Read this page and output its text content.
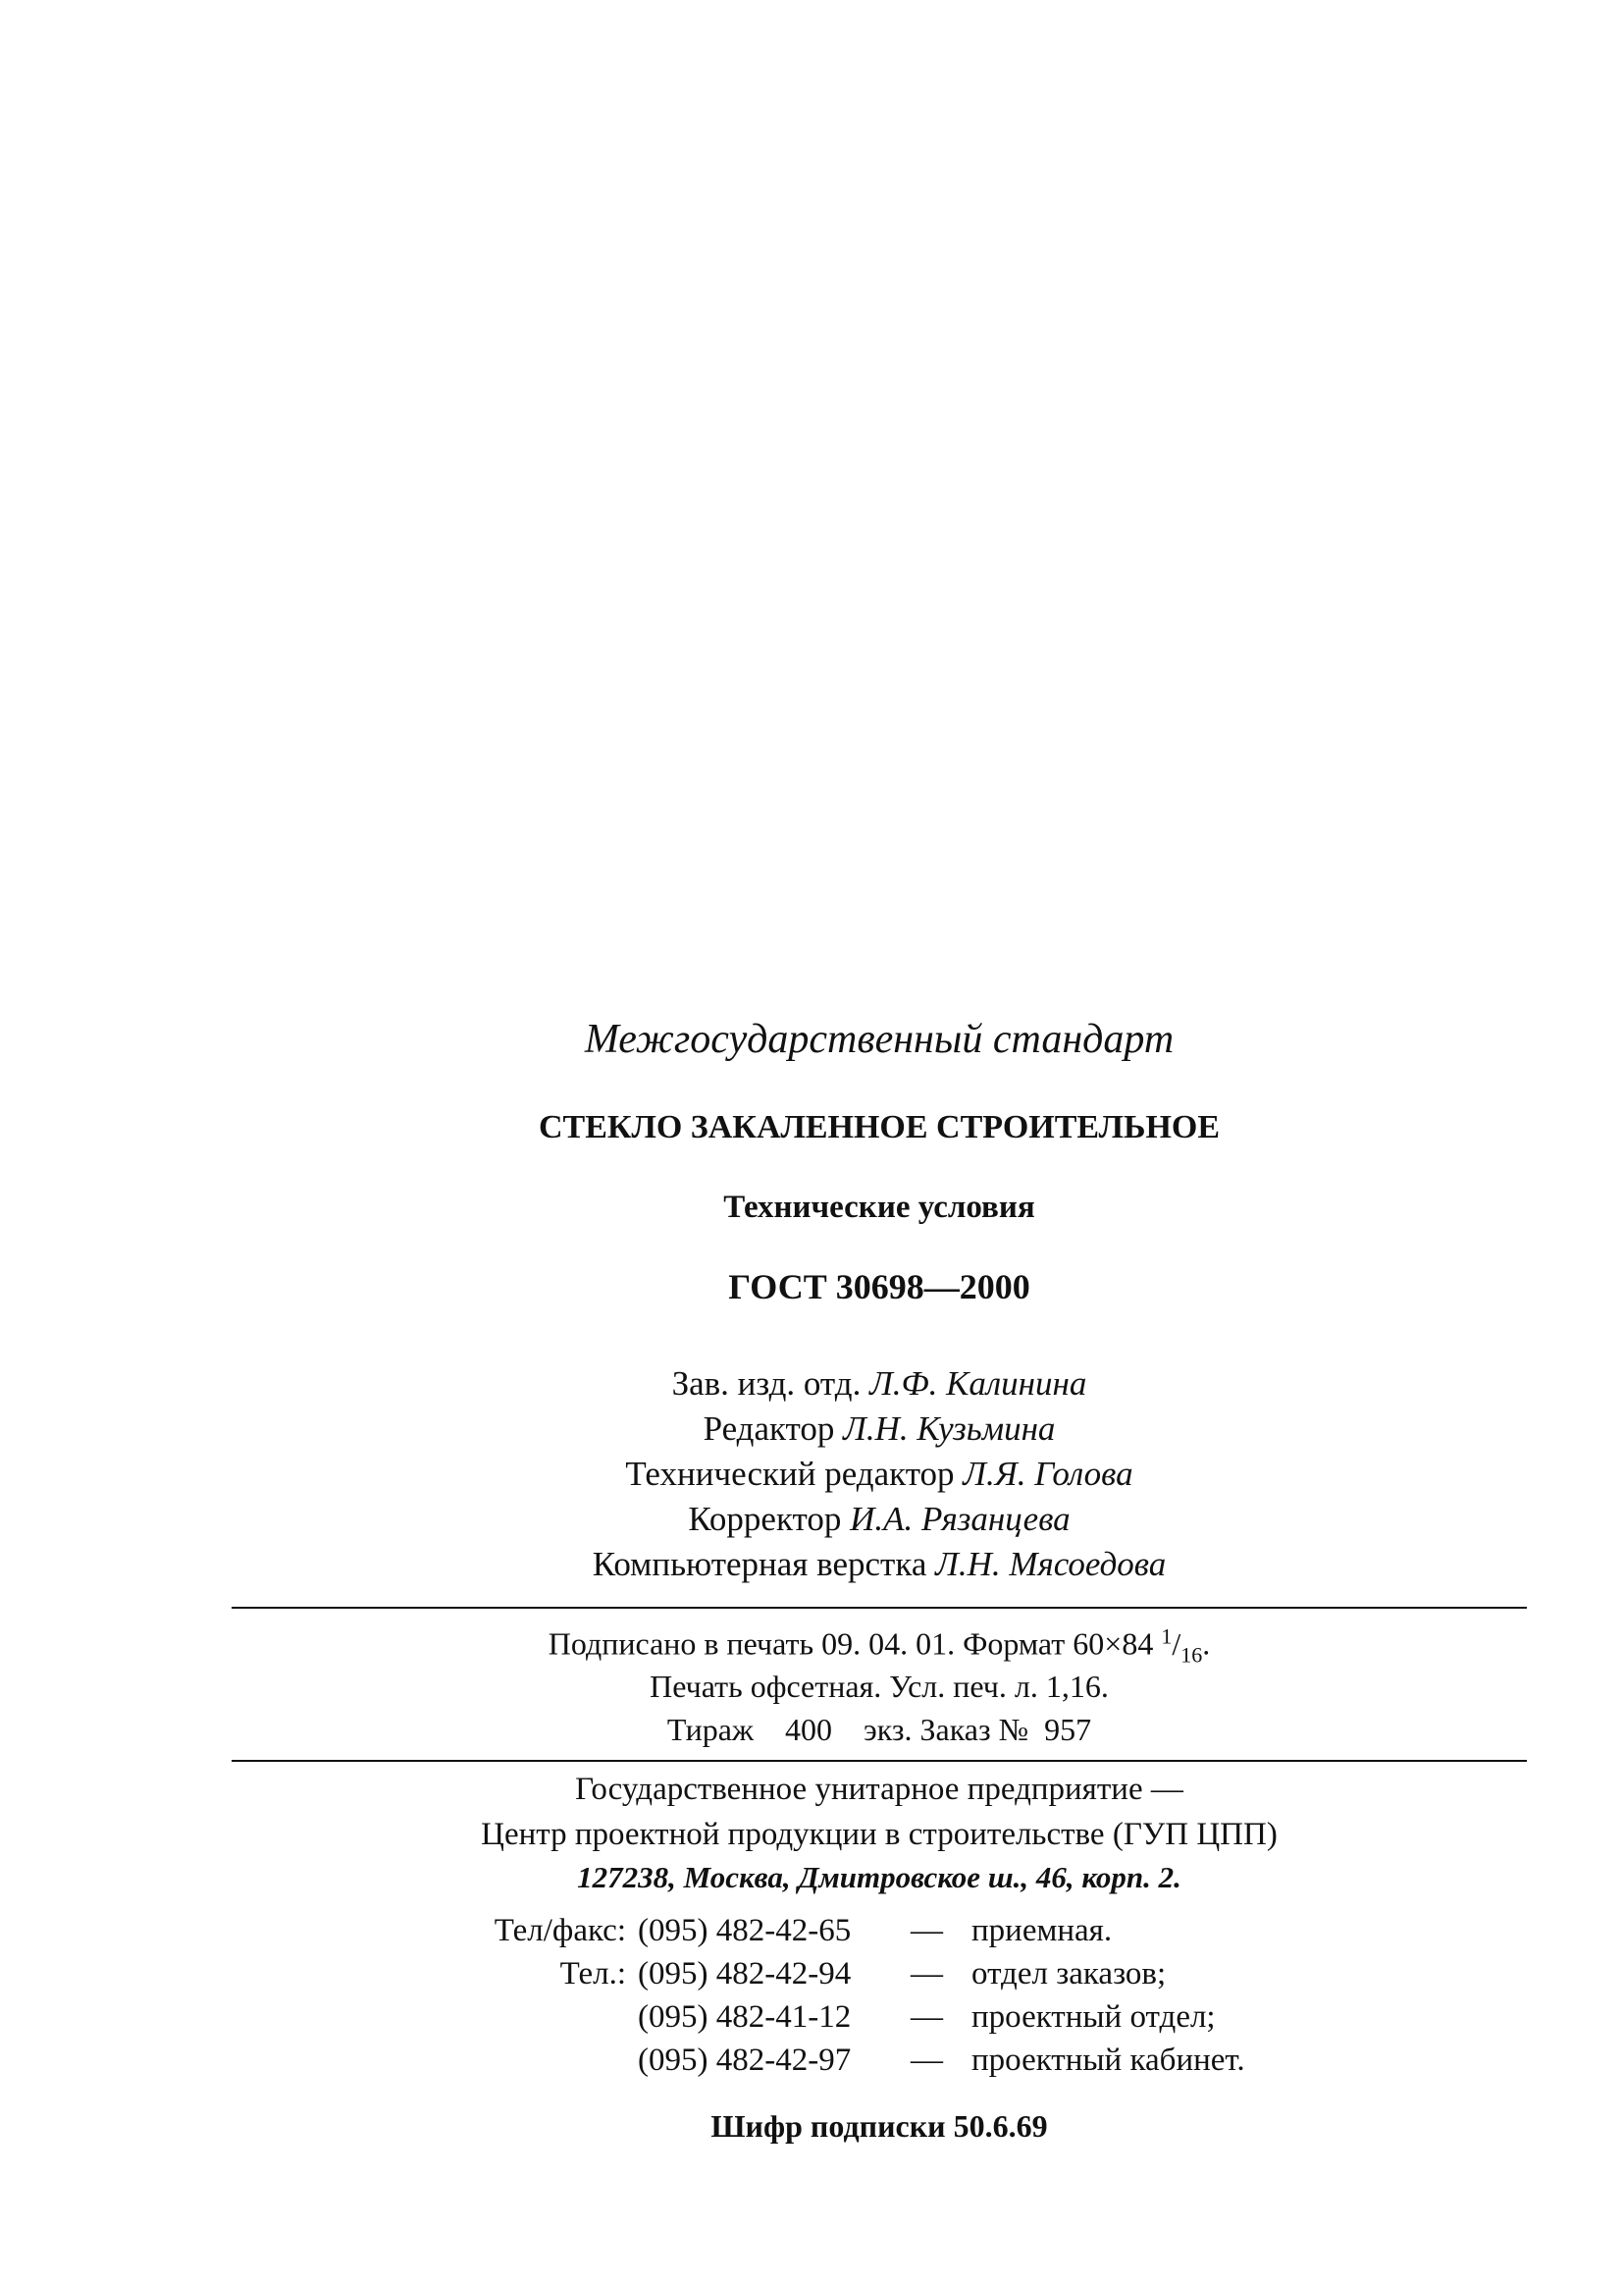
Межгосударственный стандарт
СТЕКЛО ЗАКАЛЕННОЕ СТРОИТЕЛЬНОЕ
Технические условия
ГОСТ 30698—2000
Зав. изд. отд. Л.Ф. Калинина
Редактор Л.Н. Кузьмина
Технический редактор Л.Я. Голова
Корректор И.А. Рязанцева
Компьютерная верстка Л.Н. Мясоедова
Подписано в печать 09. 04. 01. Формат 60×84 $^1/_{16}$.
Печать офсетная. Усл. печ. л. 1,16.
Тираж 400 экз. Заказ № 957
Государственное унитарное предприятие —
Центр проектной продукции в строительстве (ГУП ЦПП)
127238, Москва, Дмитровское ш., 46, корп. 2.
Шифр подписки 50.6.69
Тел/факс: (095) 482-42-65 — приемная.
Тел.: (095) 482-42-94 — отдел заказов;
(095) 482-41-12 — проектный отдел;
(095) 482-42-97 — проектный кабинет.
